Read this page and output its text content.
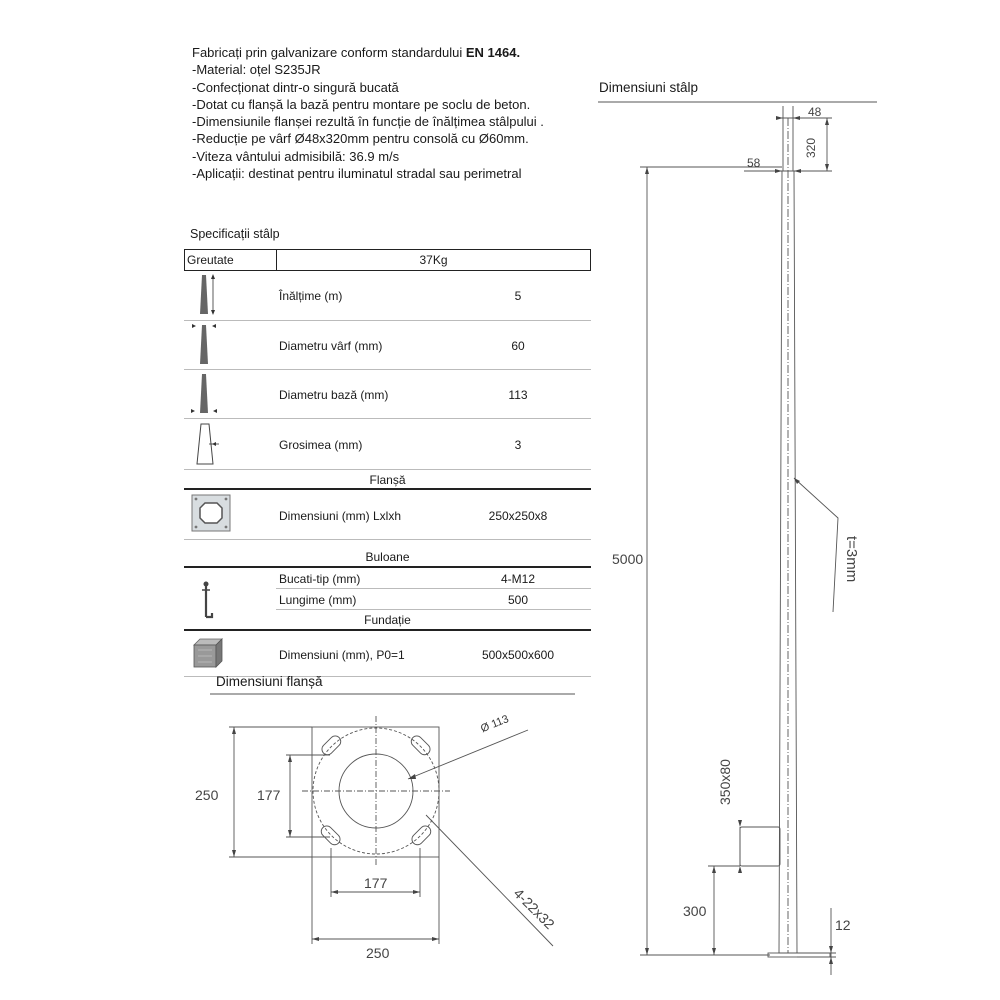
Fabricați prin galvanizare conform standardului EN 1464.
-Material: oțel S235JR
-Confecționat dintr-o singură bucată
-Dotat cu flanșă la bază pentru montare pe soclu de beton.
-Dimensiunile flanșei rezultă în funcție de înălțimea stâlpului .
-Reducție pe vârf Ø48x320mm pentru consolă cu Ø60mm.
-Viteza vântului admisibilă: 36.9 m/s
-Aplicații: destinat pentru iluminatul stradal sau perimetral
Specificații stâlp
Greutate	37Kg
Înălțime (m)	5
Diametru vârf (mm)	60
Diametru bază (mm)	113
Grosimea (mm)	3
Flanșă
Dimensiuni (mm) Lxlxh	250x250x8
Buloane
Bucati-tip (mm)	4-M12
Lungime (mm)	500
Fundație
Dimensiuni (mm), P0=1	500x500x600
Dimensiuni flanșă
250	177
177
250
Ø 113
4-22x32
Dimensiuni stâlp
48
320
58
5000	t=3mm
350x80
300
12
